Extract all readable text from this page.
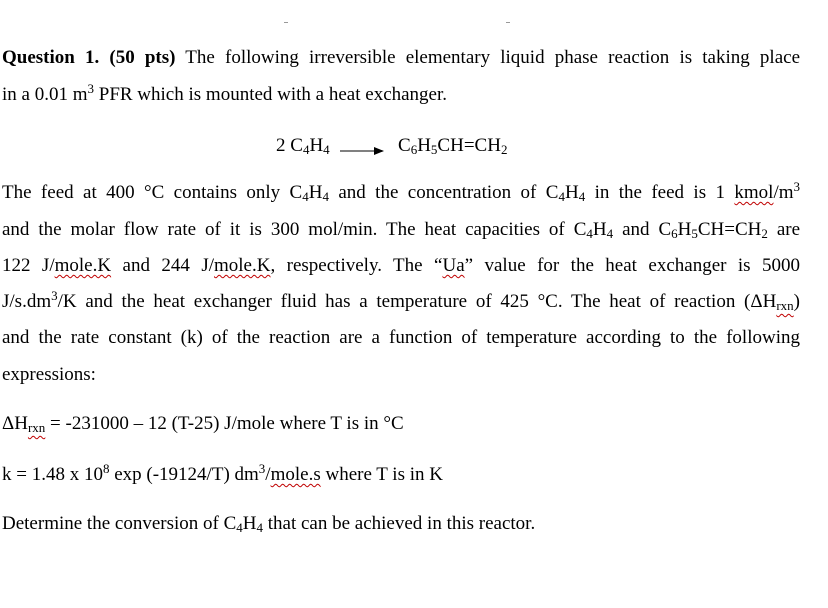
Question 1. (50 pts) The following irreversible elementary liquid phase reaction is taking place
in a 0.01 $m^3$ PFR which is mounted with a heat exchanger.
2 $C_4H_4 \to C_6H_5CH=CH_2$
The feed at 400 °C contains only $C_4H_4$ and the concentration of $C_4H_4$ in the feed is 1 kmol/$m^3$
and the molar flow rate of it is 300 mol/min. The heat capacities of $C_4H_4$ and $C_6H_5CH=CH_2$ are
122 J/mole.K and 244 J/mole.K, respectively. The “Ua” value for the heat exchanger is 5000
$J/s.dm^3/K$ and the heat exchanger fluid has a temperature of 425 °C. The heat of reaction $(\Delta H_{rxn})$
and the rate constant (k) of the reaction are a function of temperature according to the following
expressions:
$\Delta H_{rxn} = -231000 - 12$ (T-25) J/mole where T is in °C
k = 1.48 x $10^8$ exp (-19124/T) $dm^3/mole.s$ where T is in K
Determine the conversion of $C_4H_4$ that can be achieved in this reactor.
